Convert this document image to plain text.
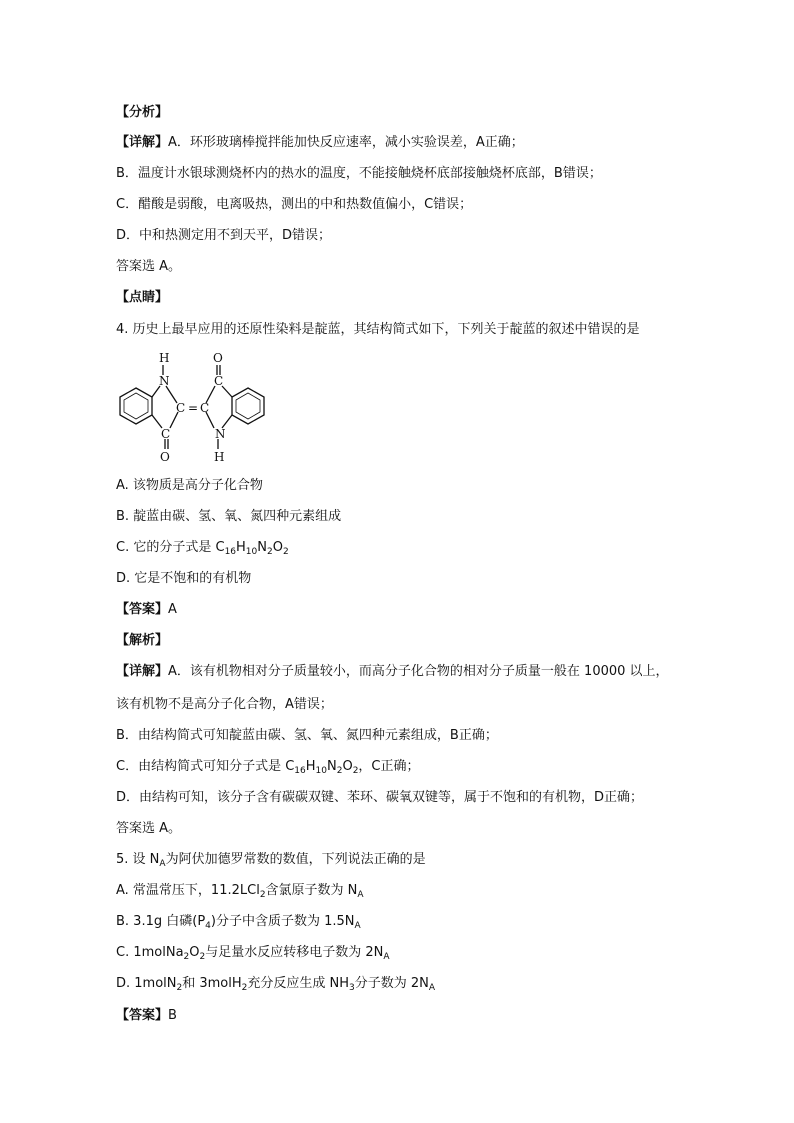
【分析】
【详解】A．环形玻璃棒搅拌能加快反应速率，减小实验误差，A正确；
B．温度计水银球测烧杯内的热水的温度，不能接触烧杯底部接触烧杯底部，B错误；
C．醋酸是弱酸，电离吸热，测出的中和热数值偏小，C错误；
D．中和热测定用不到天平，D错误；
答案选 A。
【点睛】
4. 历史上最早应用的还原性染料是靛蓝，其结构简式如下，下列关于靛蓝的叙述中错误的是
H
N
O
C
C = C
C	N
O	H
A. 该物质是高分子化合物
B. 靛蓝由碳、氢、氧、氮四种元素组成
C. 它的分子式是 $C_{16}H_{10}N_2O_2$
D. 它是不饱和的有机物
【答案】A
【解析】
【详解】A．该有机物相对分子质量较小，而高分子化合物的相对分子质量一般在 10000 以上，
该有机物不是高分子化合物，A错误；
B．由结构简式可知靛蓝由碳、氢、氧、氮四种元素组成，B正确；
C．由结构简式可知分子式是 $C_{16}H_{10}N_2O_2$，C正确；
D．由结构可知，该分子含有碳碳双键、苯环、碳氧双键等，属于不饱和的有机物，D正确；
答案选 A。
5. 设 $N_A$为阿伏加德罗常数的数值，下列说法正确的是
A. 常温常压下，11.2LCl$_2$含氯原子数为 $N_A$
B. 3.1g 白磷$(P_4)$分子中含质子数为 $1.5N_A$
C. $1molNa_2O_2$与足量水反应转移电子数为 $2N_A$
D. 1molN$_2$和 3molH$_2$充分反应生成 $NH_3$分子数为 $2N_A$
【答案】B
